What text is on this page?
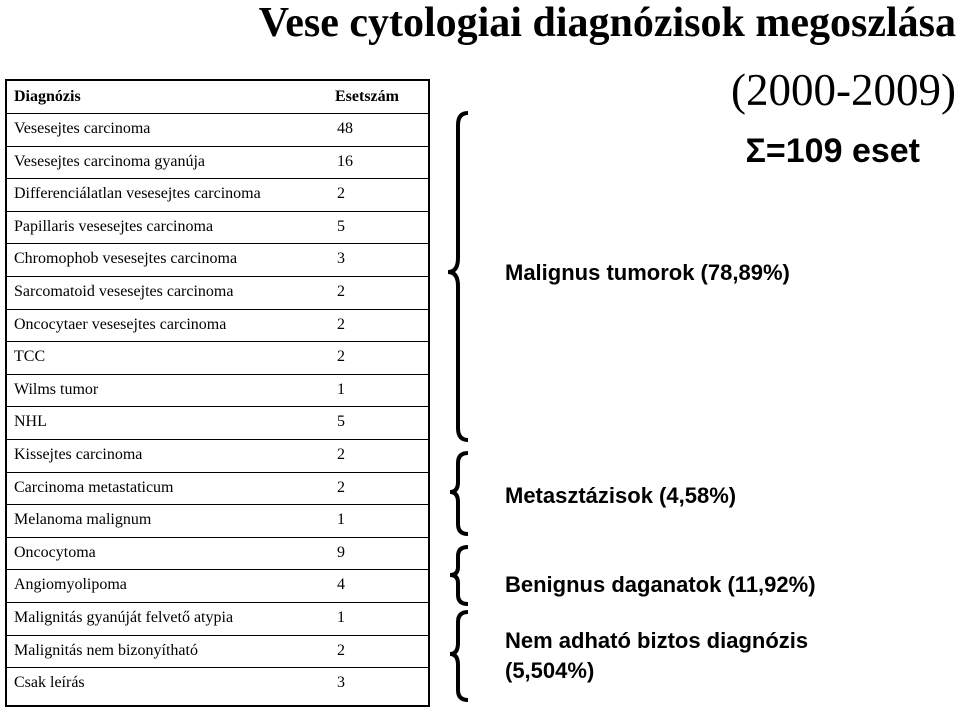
Vese cytologiai diagnózisok megoszlása
(2000-2009)
Σ=109 eset
Diagnózis	Esetszám
Vesesejtes carcinoma	48
Vesesejtes carcinoma gyanúja	16
Differenciálatlan vesesejtes carcinoma	2
Papillaris vesesejtes carcinoma	5
Chromophob vesesejtes carcinoma	3
Sarcomatoid vesesejtes carcinoma	2
Oncocytaer vesesejtes carcinoma	2
TCC	2
Wilms tumor	1
NHL	5
Kissejtes carcinoma	2
Carcinoma metastaticum	2
Melanoma malignum	1
Oncocytoma	9
Angiomyolipoma	4
Malignitás gyanúját felvető atypia	1
Malignitás nem bizonyítható	2
Csak leírás	3
Malignus tumorok (78,89%)
Metasztázisok (4,58%)
Benignus daganatok (11,92%)
Nem adható biztos diagnózis
(5,504%)
